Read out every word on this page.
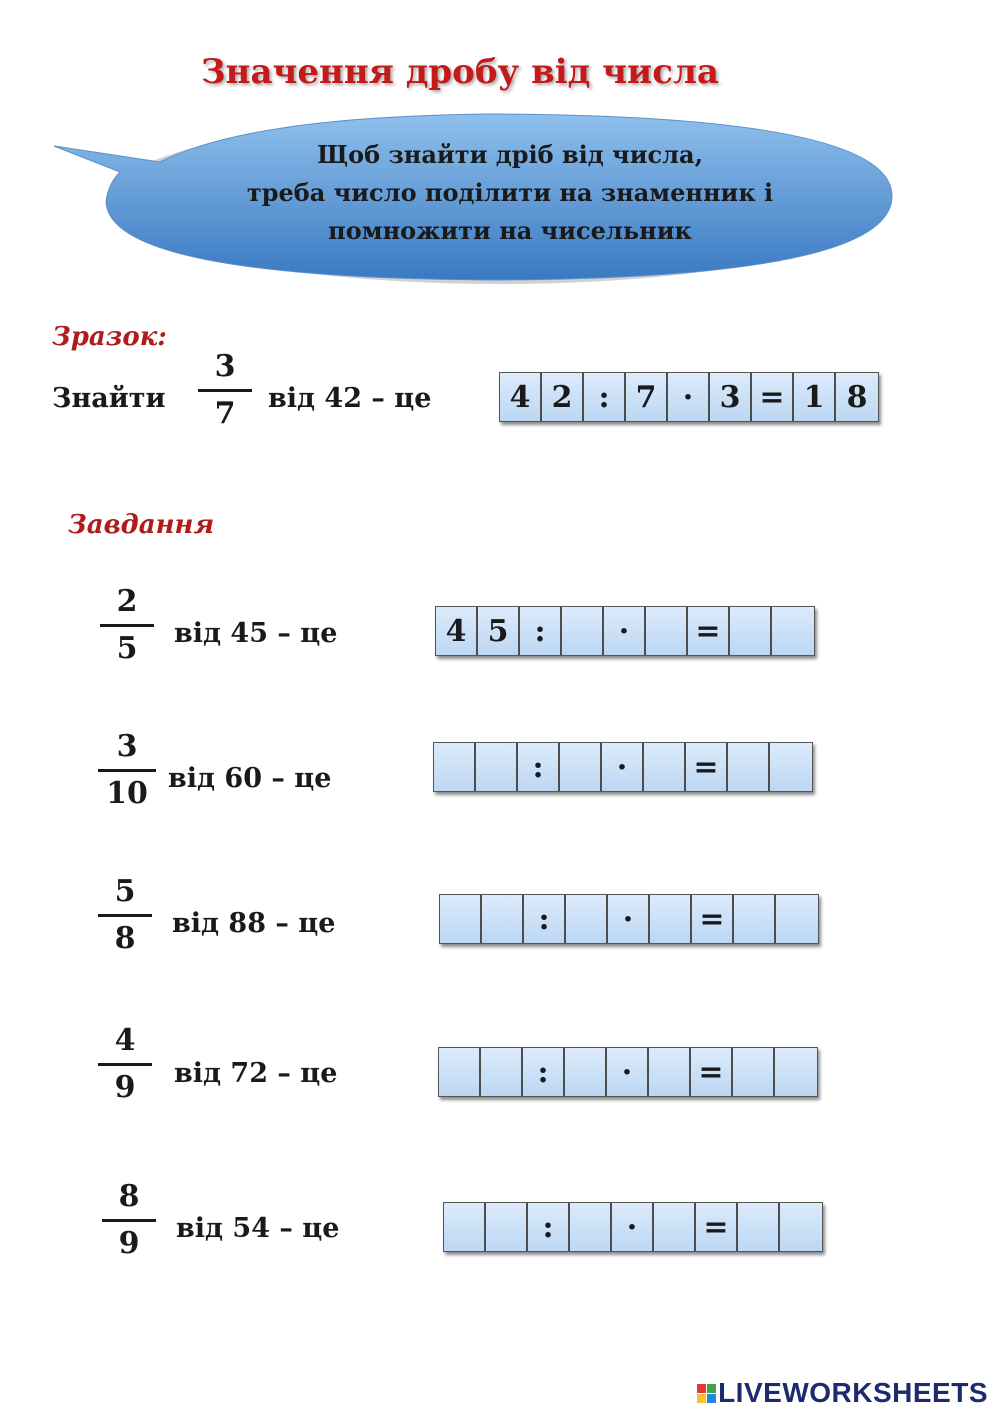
Значення дробу від числа
Щоб знайти дріб від числа,
треба число поділити на знаменник і
помножити на чисельник
Зразок:
Знайти
3
7	від 42 – це	4 2 : 7 · 3 = 1 8
Завдання
2
5	від 45 – це	4 5 :	·	=
3
10 від 60 – це	:	·	=
5
8	від 88 – це	:	·	=
4
9	від 72 – це	:	·	=
8
9	від 54 – це	:	·	=
LIVEWORKSHEETS
